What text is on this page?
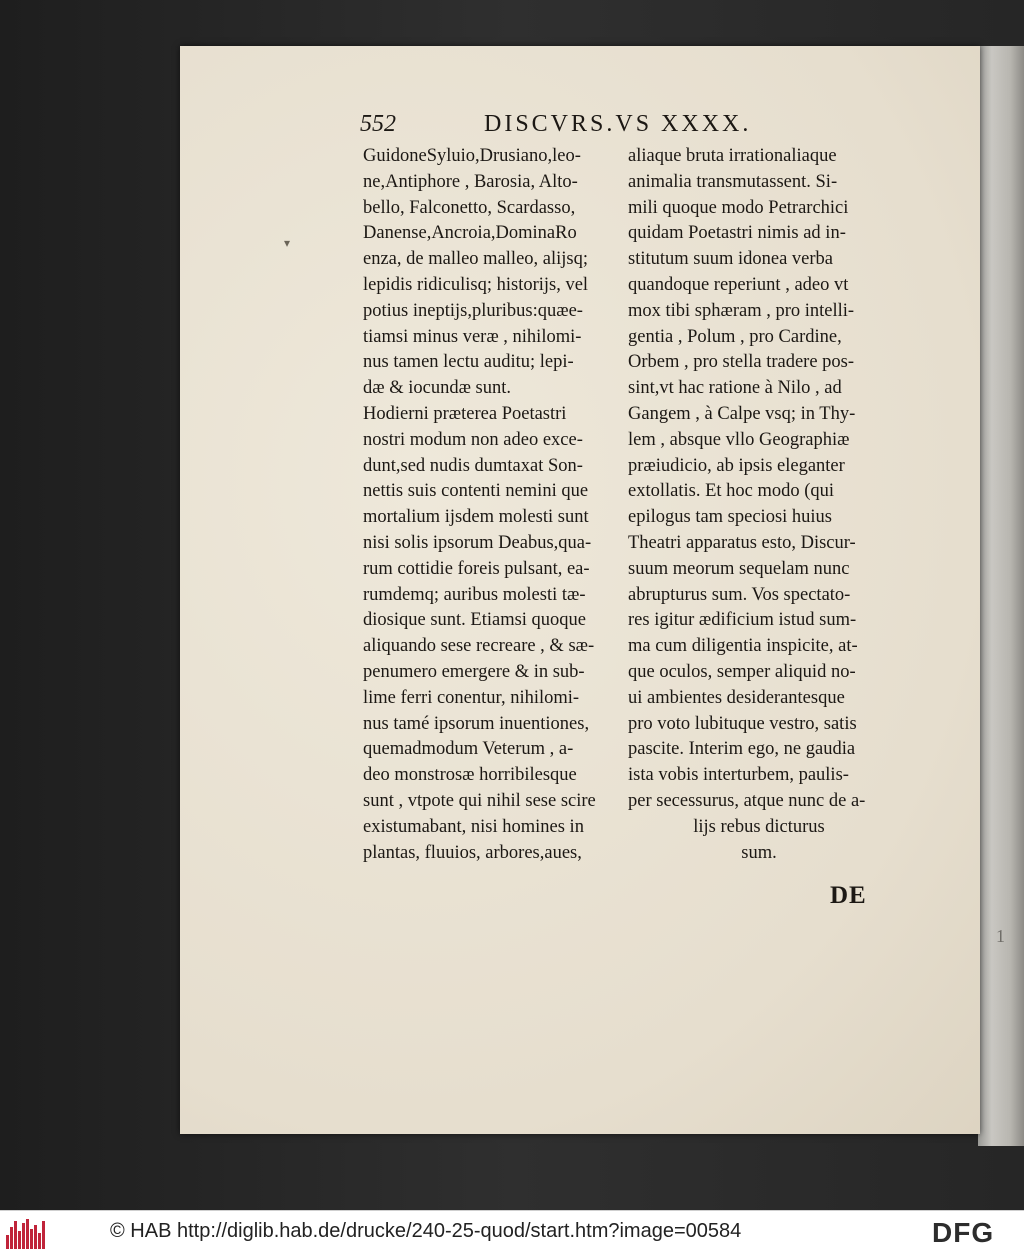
1
552	DISCVRS.VS XXXX.
▾
GuidoneSyluio,Drusiano,leo-
ne,Antiphore , Barosia, Alto-
bello, Falconetto, Scardasso,
Danense,Ancroia,DominaRo
enza, de malleo malleo, alijsq;
lepidis ridiculisq; historijs, vel
potius ineptijs,pluribus:quæe-
tiamsi minus veræ , nihilomi-
nus tamen lectu auditu; lepi-
dæ & iocundæ sunt.
Hodierni præterea Poetastri
nostri modum non adeo exce-
dunt,sed nudis dumtaxat Son-
nettis suis contenti nemini que
mortalium ijsdem molesti sunt
nisi solis ipsorum Deabus,qua-
rum cottidie foreis pulsant, ea-
rumdemq; auribus molesti tæ-
diosique sunt. Etiamsi quoque
aliquando sese recreare , & sæ-
penumero emergere & in sub-
lime ferri conentur, nihilomi-
nus tamé ipsorum inuentiones,
quemadmodum Veterum , a-
deo monstrosæ horribilesque
sunt , vtpote qui nihil sese scire
existumabant, nisi homines in
plantas, fluuios, arbores,aues,
aliaque bruta irrationaliaque
animalia transmutassent. Si-
mili quoque modo Petrarchici
quidam Poetastri nimis ad in-
stitutum suum idonea verba
quandoque reperiunt , adeo vt
mox tibi sphæram , pro intelli-
gentia , Polum , pro Cardine,
Orbem , pro stella tradere pos-
sint,vt hac ratione à Nilo , ad
Gangem , à Calpe vsq; in Thy-
lem , absque vllo Geographiæ
præiudicio, ab ipsis eleganter
extollatis. Et hoc modo (qui
epilogus tam speciosi huius
Theatri apparatus esto, Discur-
suum meorum sequelam nunc
abrupturus sum. Vos spectato-
res igitur ædificium istud sum-
ma cum diligentia inspicite, at-
que oculos, semper aliquid no-
ui ambientes desiderantesque
pro voto lubituque vestro, satis
pascite. Interim ego, ne gaudia
ista vobis interturbem, paulis-
per secessurus, atque nunc de a-
lijs rebus dicturus
sum.
DE
© HAB http://diglib.hab.de/drucke/240-25-quod/start.htm?image=00584	DFG
